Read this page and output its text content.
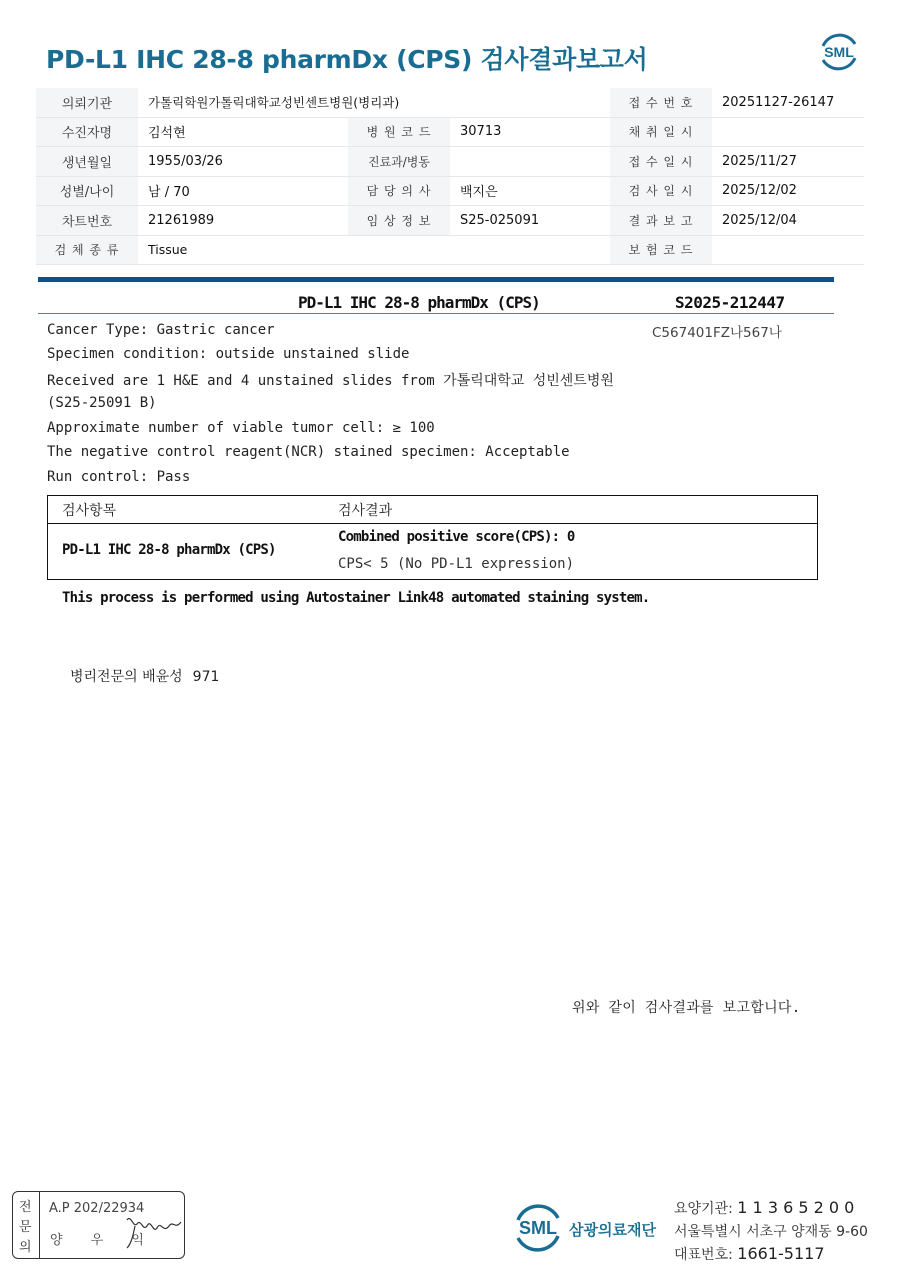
PD-L1 IHC 28-8 pharmDx (CPS) 검사결과보고서	SML
의뢰기관	가톨릭학원가톨릭대학교성빈센트병원(병리과)			접 수 번 호	20251127-26147
수진자명	김석현	병 원 코 드	30713	채 취 일 시	
생년월일	1955/03/26	진료과/병동		접 수 일 시	2025/11/27
성별/나이	남 / 70	담 당 의 사	백지은	검 사 일 시	2025/12/02
차트번호	21261989	임 상 정 보	S25-025091	결 과 보 고	2025/12/04
검 체 종 류	Tissue			보 험 코 드	
PD-L1 IHC 28-8 pharmDx (CPS)	S2025-212447
C567401FZ나567나
Cancer Type: Gastric cancer
Specimen condition: outside unstained slide
Received are 1 H&E and 4 unstained slides from 가톨릭대학교 성빈센트병원
(S25-25091 B)
Approximate number of viable tumor cell: ≥ 100
The negative control reagent(NCR) stained specimen: Acceptable
Run control: Pass
검사항목	검사결과
PD-L1 IHC 28-8 pharmDx (CPS)
Combined positive score(CPS): 0
CPS< 5 (No PD-L1 expression)
This process is performed using Autostainer Link48 automated staining system.
병리전문의 배윤성 971
위와 같이 검사결과를 보고합니다.
전
문
의
A.P 202/22934
양 우 익
SML 삼광의료재단
요양기관: 1 1 3 6 5 2 0 0
서울특별시 서초구 양재동 9-60
대표번호: 1661-5117
